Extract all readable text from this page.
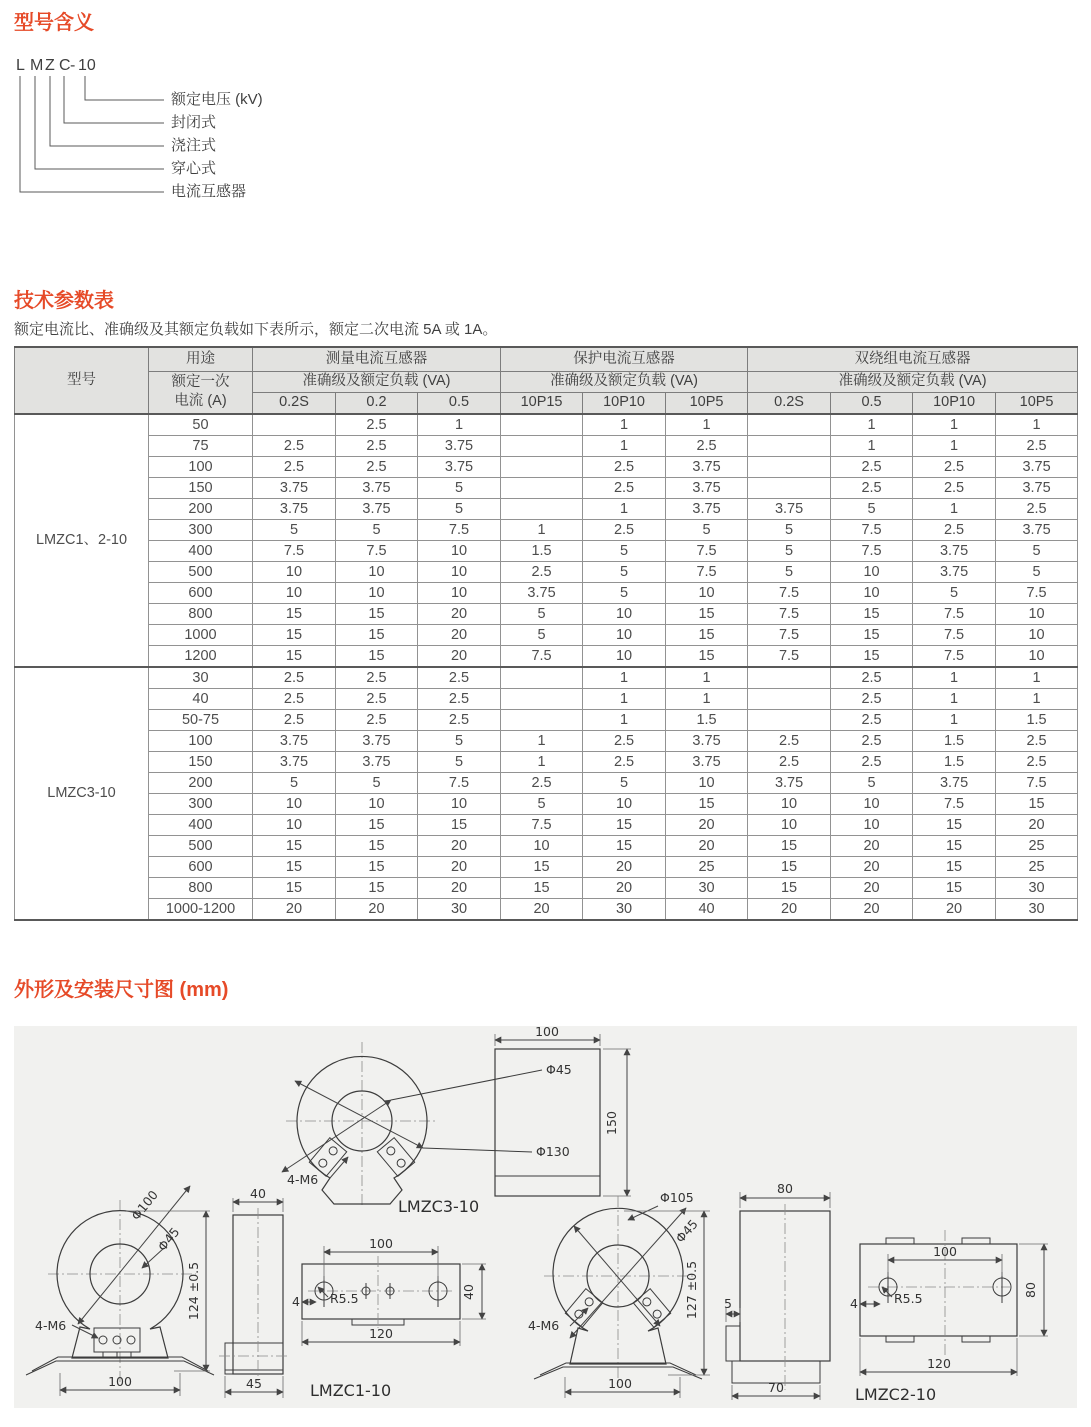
型号含义
L M Z C - 10
额定电压 (kV)
封闭式
浇注式
穿心式
电流互感器
技术参数表

额定电流比、准确级及其额定负载如下表所示，额定二次电流 5A 或 1A。

型号	用途	测量电流互感器			保护电流互感器			双绕组电流互感器			

	额定一次
电流 (A)	准确级及额定负载 (VA)			准确级及额定负载 (VA)			准确级及额定负载 (VA)			
		0.2S	0.2	0.5	10P15	10P10	10P5	0.2S	0.5	10P10	10P5
LMZC1、2-10	50		2.5	1		1	1		1	1	1
	75	2.5	2.5	3.75		1	2.5		1	1	2.5
	100	2.5	2.5	3.75		2.5	3.75		2.5	2.5	3.75
	150	3.75	3.75	5		2.5	3.75		2.5	2.5	3.75
	200	3.75	3.75	5		1	3.75	3.75	5	1	2.5
	300	5	5	7.5	1	2.5	5	5	7.5	2.5	3.75
	400	7.5	7.5	10	1.5	5	7.5	5	7.5	3.75	5
	500	10	10	10	2.5	5	7.5	5	10	3.75	5
	600	10	10	10	3.75	5	10	7.5	10	5	7.5
	800	15	15	20	5	10	15	7.5	15	7.5	10
	1000	15	15	20	5	10	15	7.5	15	7.5	10
	1200	15	15	20	7.5	10	15	7.5	15	7.5	10
LMZC3-10	30	2.5	2.5	2.5		1	1		2.5	1	1
	40	2.5	2.5	2.5		1	1		2.5	1	1
	50-75	2.5	2.5	2.5		1	1.5		2.5	1	1.5
	100	3.75	3.75	5	1	2.5	3.75	2.5	2.5	1.5	2.5
	150	3.75	3.75	5	1	2.5	3.75	2.5	2.5	1.5	2.5
	200	5	5	7.5	2.5	5	10	3.75	5	3.75	7.5
	300	10	10	10	5	10	15	10	10	7.5	15
	400	10	15	15	7.5	15	20	10	10	15	20
	500	15	15	20	10	15	20	15	20	15	25
	600	15	15	20	15	20	25	15	20	15	25
	800	15	15	20	15	20	30	15	20	15	30
	1000-1200	20	20	30	20	30	40	20	20	20	30
外形及安装尺寸图 (mm)
Φ45
Φ130
4-M6
LMZC3-10
100
150
Φ100
Φ45
4-M6
124 ±0.5
100
40
45
100
120
40
R5.5
4
LMZC1-10
Φ105
Φ45
4-M6
127 ±0.5
100
80
5
70
100
120
80
R5.5
4
LMZC2-10
